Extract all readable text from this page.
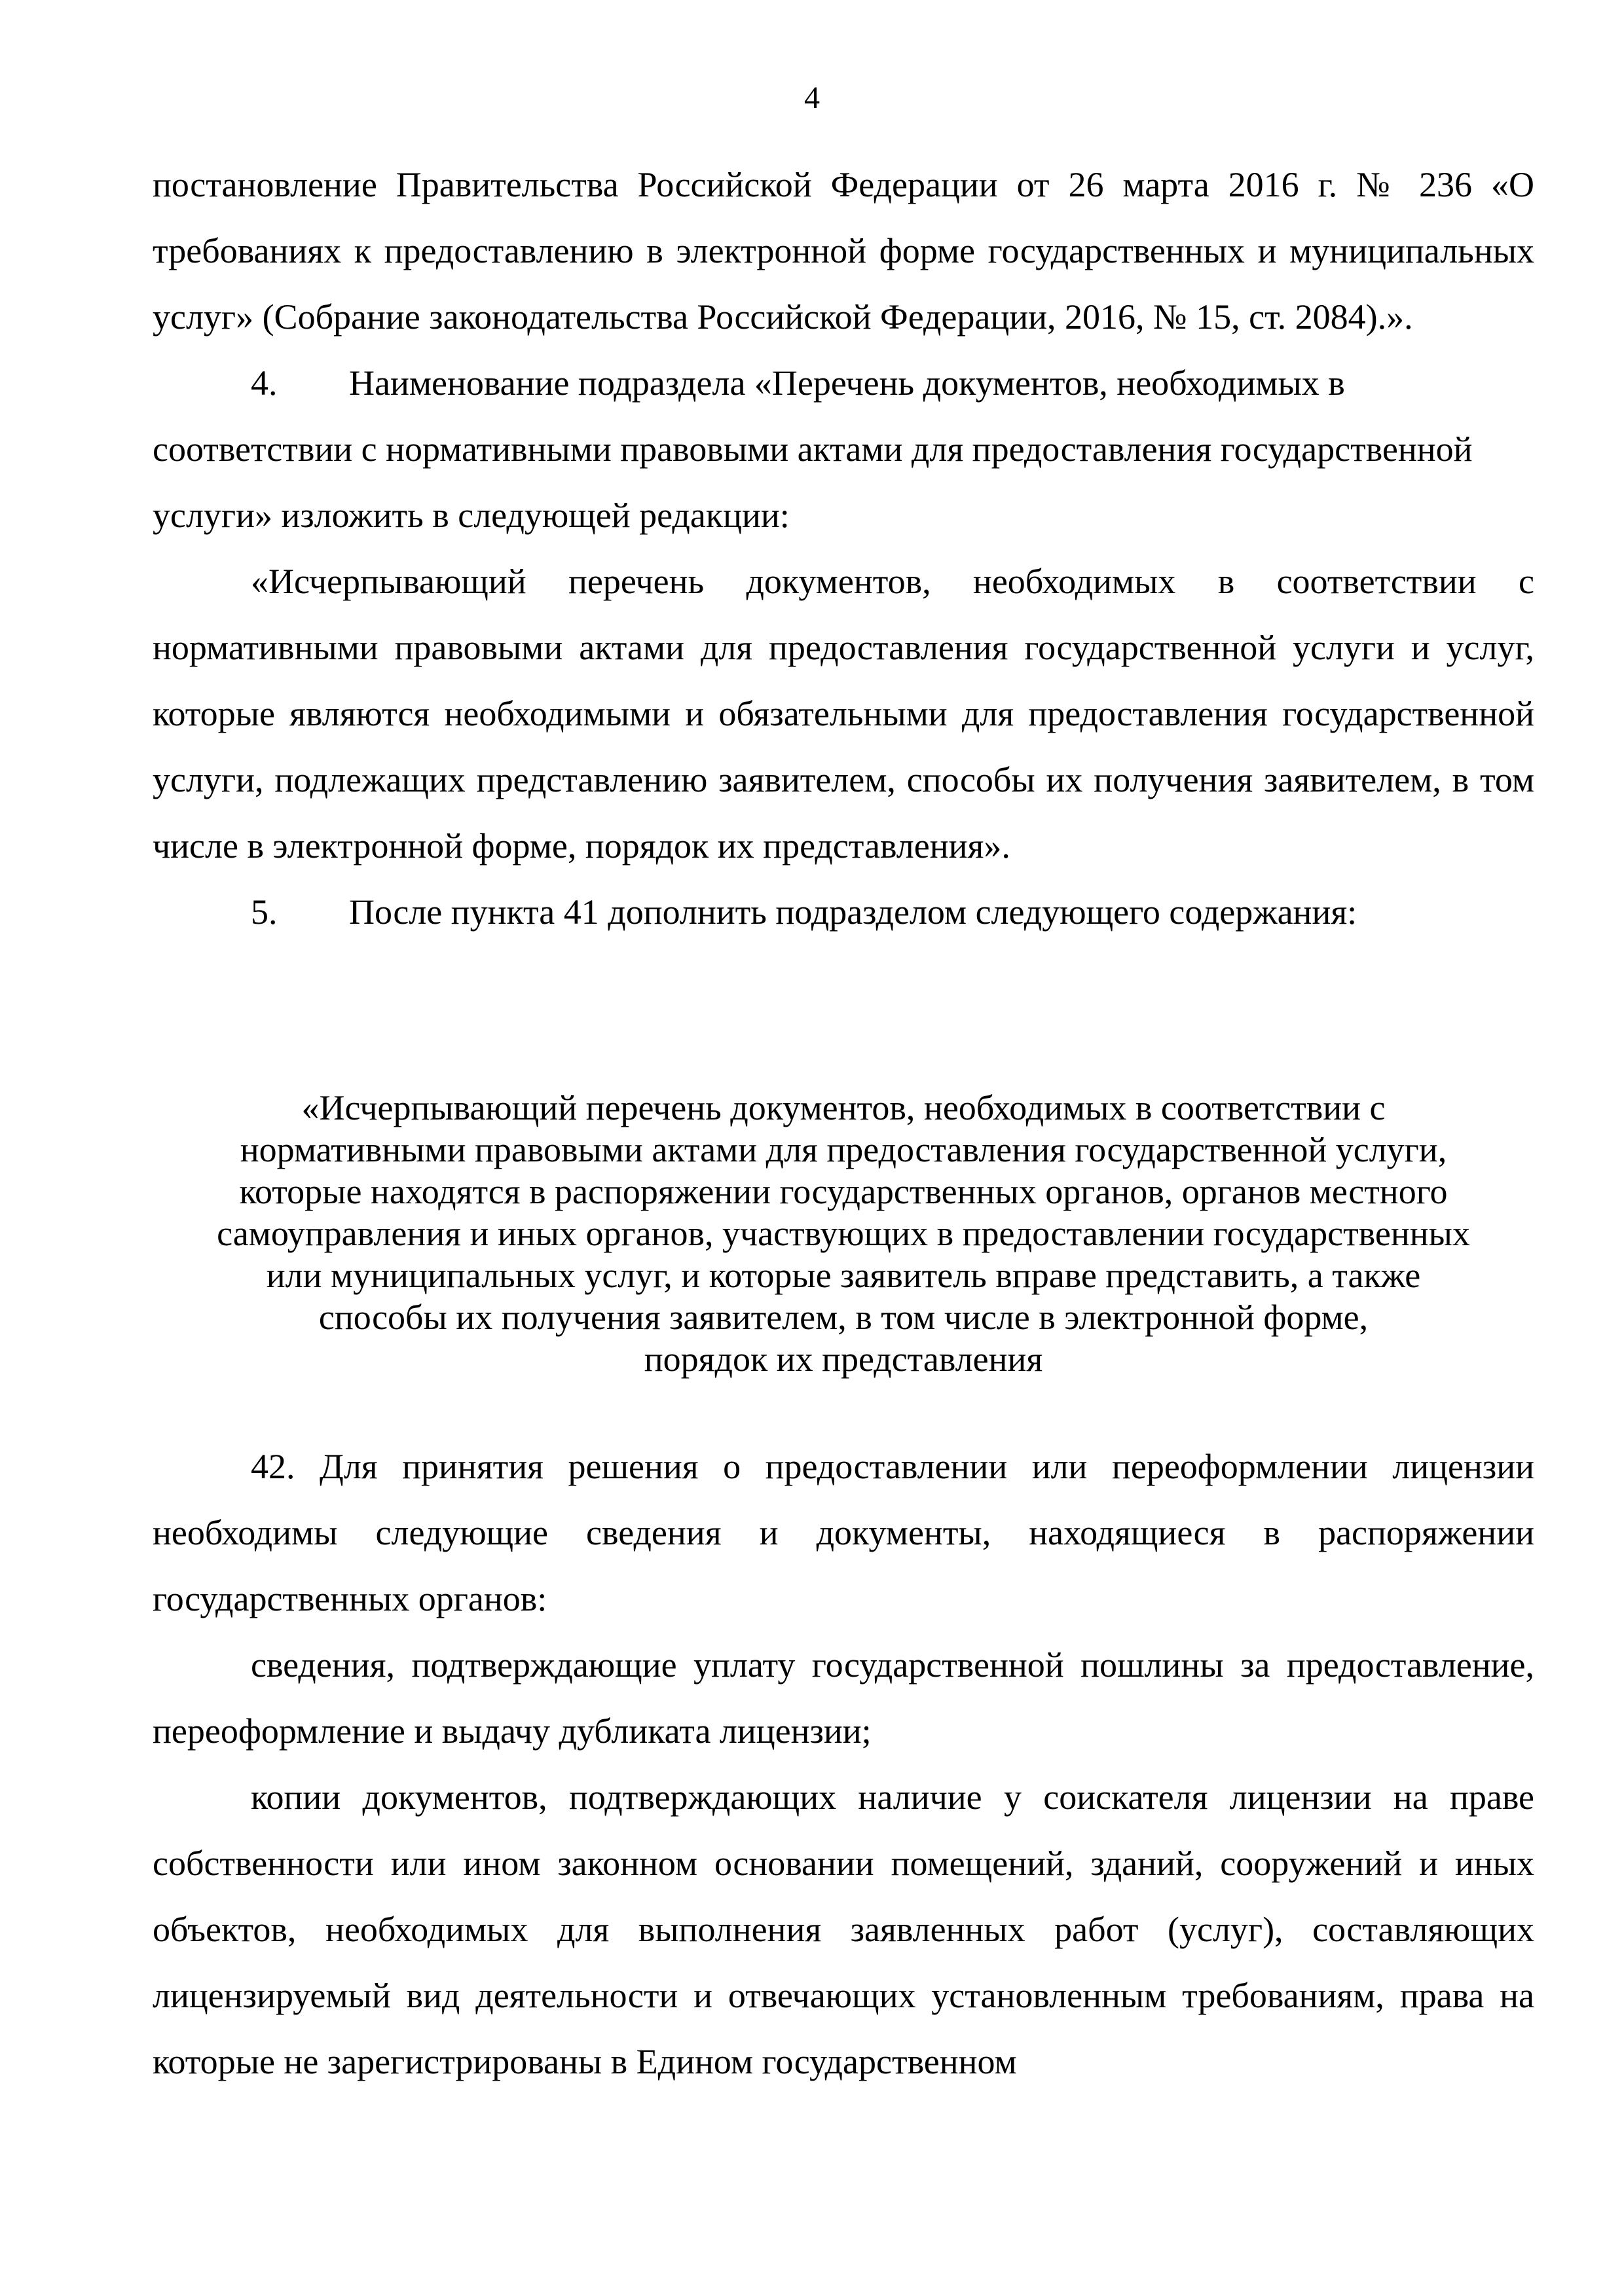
4

постановление Правительства Российской Федерации от 26 марта 2016 г. № 236 «О требованиях к предоставлению в электронной форме государственных и муниципальных услуг» (Собрание законодательства Российской Федерации, 2016, № 15, ст. 2084).».

4. Наименование подраздела «Перечень документов, необходимых в соответствии с нормативными правовыми актами для предоставления государственной услуги» изложить в следующей редакции:

«Исчерпывающий перечень документов, необходимых в соответствии с нормативными правовыми актами для предоставления государственной услуги и услуг, которые являются необходимыми и обязательными для предоставления государственной услуги, подлежащих представлению заявителем, способы их получения заявителем, в том числе в электронной форме, порядок их представления».

5. После пункта 41 дополнить подразделом следующего содержания:

«Исчерпывающий перечень документов, необходимых в соответствии с
нормативными правовыми актами для предоставления государственной услуги,
которые находятся в распоряжении государственных органов, органов местного
самоуправления и иных органов, участвующих в предоставлении государственных
или муниципальных услуг, и которые заявитель вправе представить, а также
способы их получения заявителем, в том числе в электронной форме,
порядок их представления

42. Для принятия решения о предоставлении или переоформлении лицензии необходимы следующие сведения и документы, находящиеся в распоряжении государственных органов:

сведения, подтверждающие уплату государственной пошлины за предоставление, переоформление и выдачу дубликата лицензии;

копии документов, подтверждающих наличие у соискателя лицензии на праве собственности или ином законном основании помещений, зданий, сооружений и иных объектов, необходимых для выполнения заявленных работ (услуг), составляющих лицензируемый вид деятельности и отвечающих установленным требованиям, права на которые не зарегистрированы в Едином государственном
